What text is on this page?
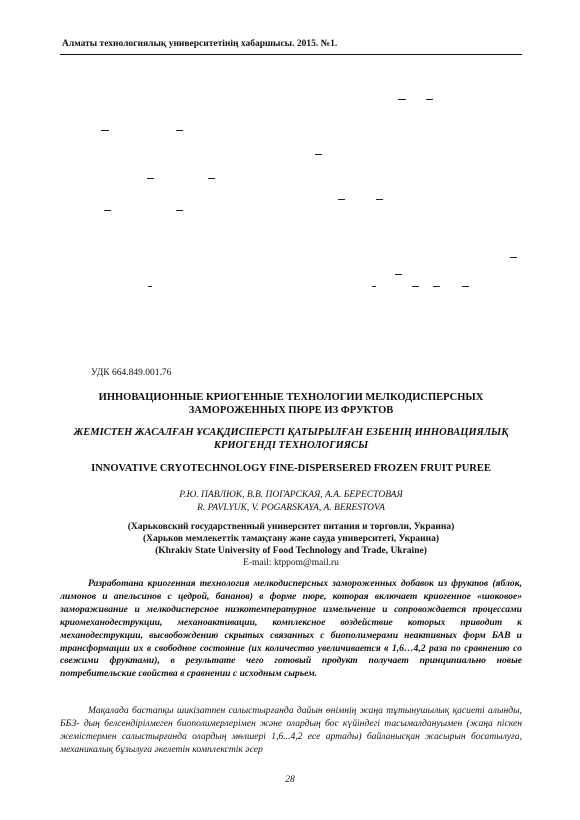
Алматы технологиялық университетінің хабаршысы. 2015. №1.
УДК 664.849.001.76
ИННОВАЦИОННЫЕ КРИОГЕННЫЕ ТЕХНОЛОГИИ МЕЛКОДИСПЕРСНЫХ ЗАМОРОЖЕННЫХ ПЮРЕ ИЗ ФРУКТОВ
ЖЕМІСТЕН ЖАСАЛҒАН ҰСАҚДИСПЕРСТІ ҚАТЫРЫЛҒАН ЕЗБЕНІҢ ИННОВАЦИЯЛЫҚ КРИОГЕНДІ ТЕХНОЛОГИЯСЫ
INNOVATIVE CRYOTECHNOLOGY FINE-DISPERSERED FROZEN FRUIT PUREE
Р.Ю. ПАВЛЮК, В.В. ПОГАРСКАЯ, А.А. БЕРЕСТОВАЯ
R. PAVLYUK, V. POGARSKAYA, A. BERESTOVA
(Харьковский государственный университет питания и торговли, Украина)
(Харьков мемлекеттік тамақтану және сауда университеті, Украина)
(Khrakiv State University of Food Technology and Trade, Ukraine)
E-mail: ktppom@mail.ru

Разработана криогенная технология мелкодисперсных замороженных добавок из фруктов (яблок, лимонов и апельсинов с цедрой, бананов) в форме пюре, которая включает криогенное «шоковое» замораживание и мелкодисперсное низкотемпературное измельчение и сопровождается процессами криомеханодеструкции, механоактивации, комплексное воздействие которых приводит к механодеструкции, высвобождению скрытых связанных с биополимерами неактивных форм БАВ и трансформации их в свободное состояние (их количество увеличивается в 1,6…4,2 раза по сравнению со свежими фруктами), в результате чего готовый продукт получает принципиально новые потребительские свойства в сравнении с исходным сырьем.

Мақалада бастапқы шикізатпен салыстырғанда дайын өнімнің жаңа тұтынушылық қасиеті алынды, ББЗ- дың белсендірілмеген биополимерлерімен және олардың бос күйіндегі тасымалдануымен (жаңа піскен жемістермен салыстырғанда олардың мөлшері 1,6...4,2 есе артады) байланысқан жасырын босатылуға, механикалық бұзылуға әкелетін комплекстік әсер

28
